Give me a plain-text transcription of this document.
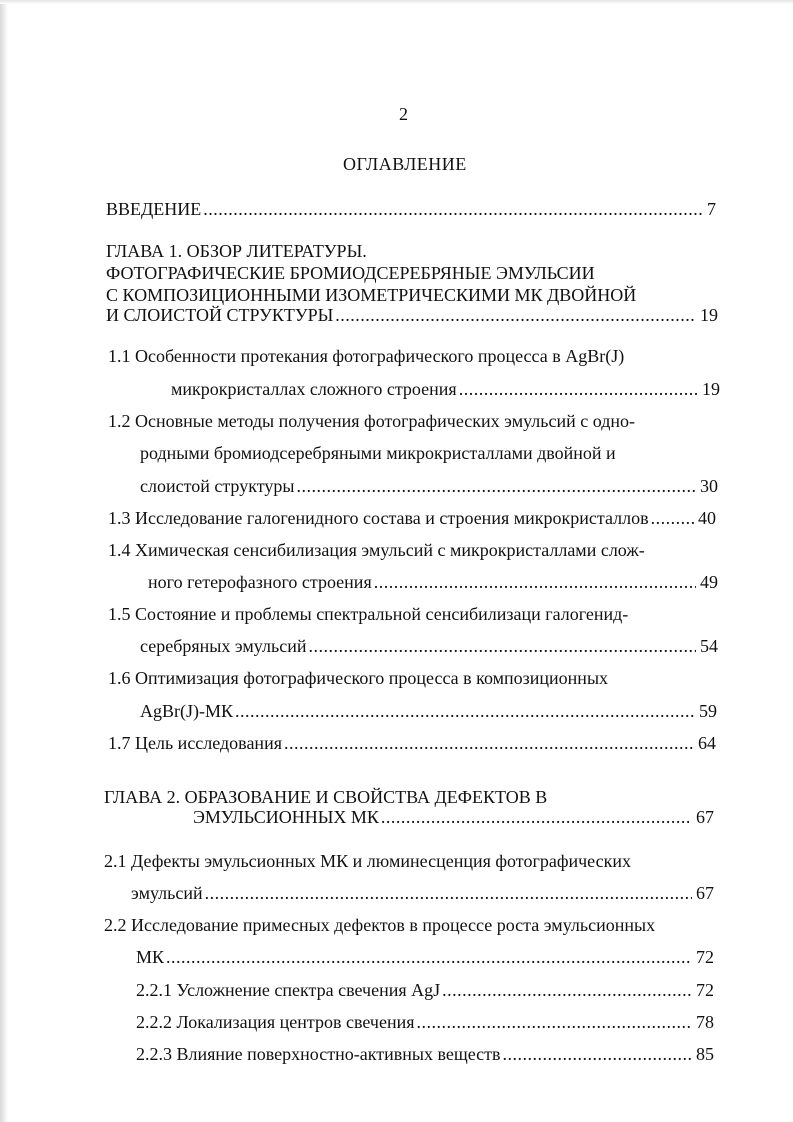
2
ОГЛАВЛЕНИЕ
ВВЕДЕНИЕ . . .	7
ГЛАВА 1. ОБЗОР ЛИТЕРАТУРЫ.
ФОТОГРАФИЧЕСКИЕ БРОМИОДСЕРЕБРЯНЫЕ ЭМУЛЬСИИ
С КОМПОЗИЦИОННЫМИ ИЗОМЕТРИЧЕСКИМИ МК ДВОЙНОЙ
И СЛОИСТОЙ СТРУКТУРЫ . . .	19
1.1 Особенности протекания фотографического процесса в AgBr(J)
микрокристаллах сложного строения . . .	19
1.2 Основные методы получения фотографических эмульсий с одно-
родными бромиодсеребряными микрокристаллами двойной и
слоистой структуры . . .	30
1.3 Исследование галогенидного состава и строения микрокристаллов . . .	40
1.4 Химическая сенсибилизация эмульсий с микрокристаллами слож-
ного гетерофазного строения . . .	49
1.5 Состояние и проблемы спектральной сенсибилизаци галогенид-
серебряных эмульсий . . .	54
1.6 Оптимизация фотографического процесса в композиционных
AgBr(J)-МК . . .	59
1.7 Цель исследования . . .	64
ГЛАВА 2. ОБРАЗОВАНИЕ И СВОЙСТВА ДЕФЕКТОВ В
ЭМУЛЬСИОННЫХ МК . . .	67
2.1 Дефекты эмульсионных МК и люминесценция фотографических
эмульсий . . .	67
2.2 Исследование примесных дефектов в процессе роста эмульсионных
МК . . .	72
2.2.1 Усложнение спектра свечения AgJ . . .	72
2.2.2 Локализация центров свечения . . .	78
2.2.3 Влияние поверхностно-активных веществ . . .	85
